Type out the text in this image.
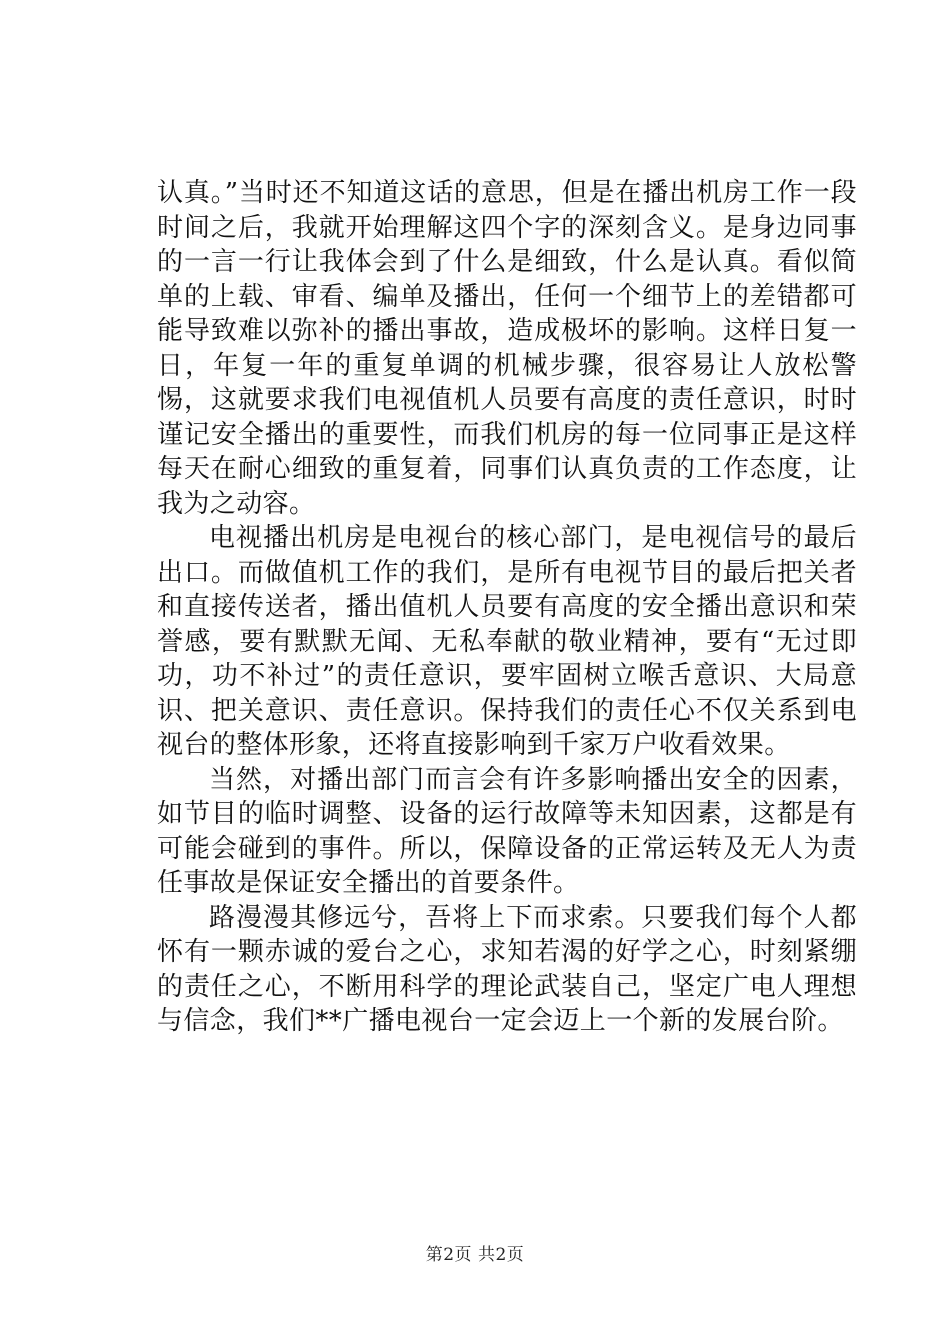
认真。”当时还不知道这话的意思，但是在播出机房工作一段时间之后，我就开始理解这四个字的深刻含义。是身边同事的一言一行让我体会到了什么是细致，什么是认真。看似简单的上载、审看、编单及播出，任何一个细节上的差错都可能导致难以弥补的播出事故，造成极坏的影响。这样日复一日，年复一年的重复单调的机械步骤，很容易让人放松警惕，这就要求我们电视值机人员要有高度的责任意识，时时谨记安全播出的重要性，而我们机房的每一位同事正是这样每天在耐心细致的重复着，同事们认真负责的工作态度，让我为之动容。

电视播出机房是电视台的核心部门，是电视信号的最后出口。而做值机工作的我们，是所有电视节目的最后把关者和直接传送者，播出值机人员要有高度的安全播出意识和荣誉感，要有默默无闻、无私奉献的敬业精神，要有“无过即功，功不补过”的责任意识，要牢固树立喉舌意识、大局意识、把关意识、责任意识。保持我们的责任心不仅关系到电视台的整体形象，还将直接影响到千家万户收看效果。

当然，对播出部门而言会有许多影响播出安全的因素，如节目的临时调整、设备的运行故障等未知因素，这都是有可能会碰到的事件。所以，保障设备的正常运转及无人为责任事故是保证安全播出的首要条件。

路漫漫其修远兮，吾将上下而求索。只要我们每个人都怀有一颗赤诚的爱台之心，求知若渴的好学之心，时刻紧绷的责任之心，不断用科学的理论武装自己，坚定广电人理想与信念，我们**广播电视台一定会迈上一个新的发展台阶。

第2页 共2页
